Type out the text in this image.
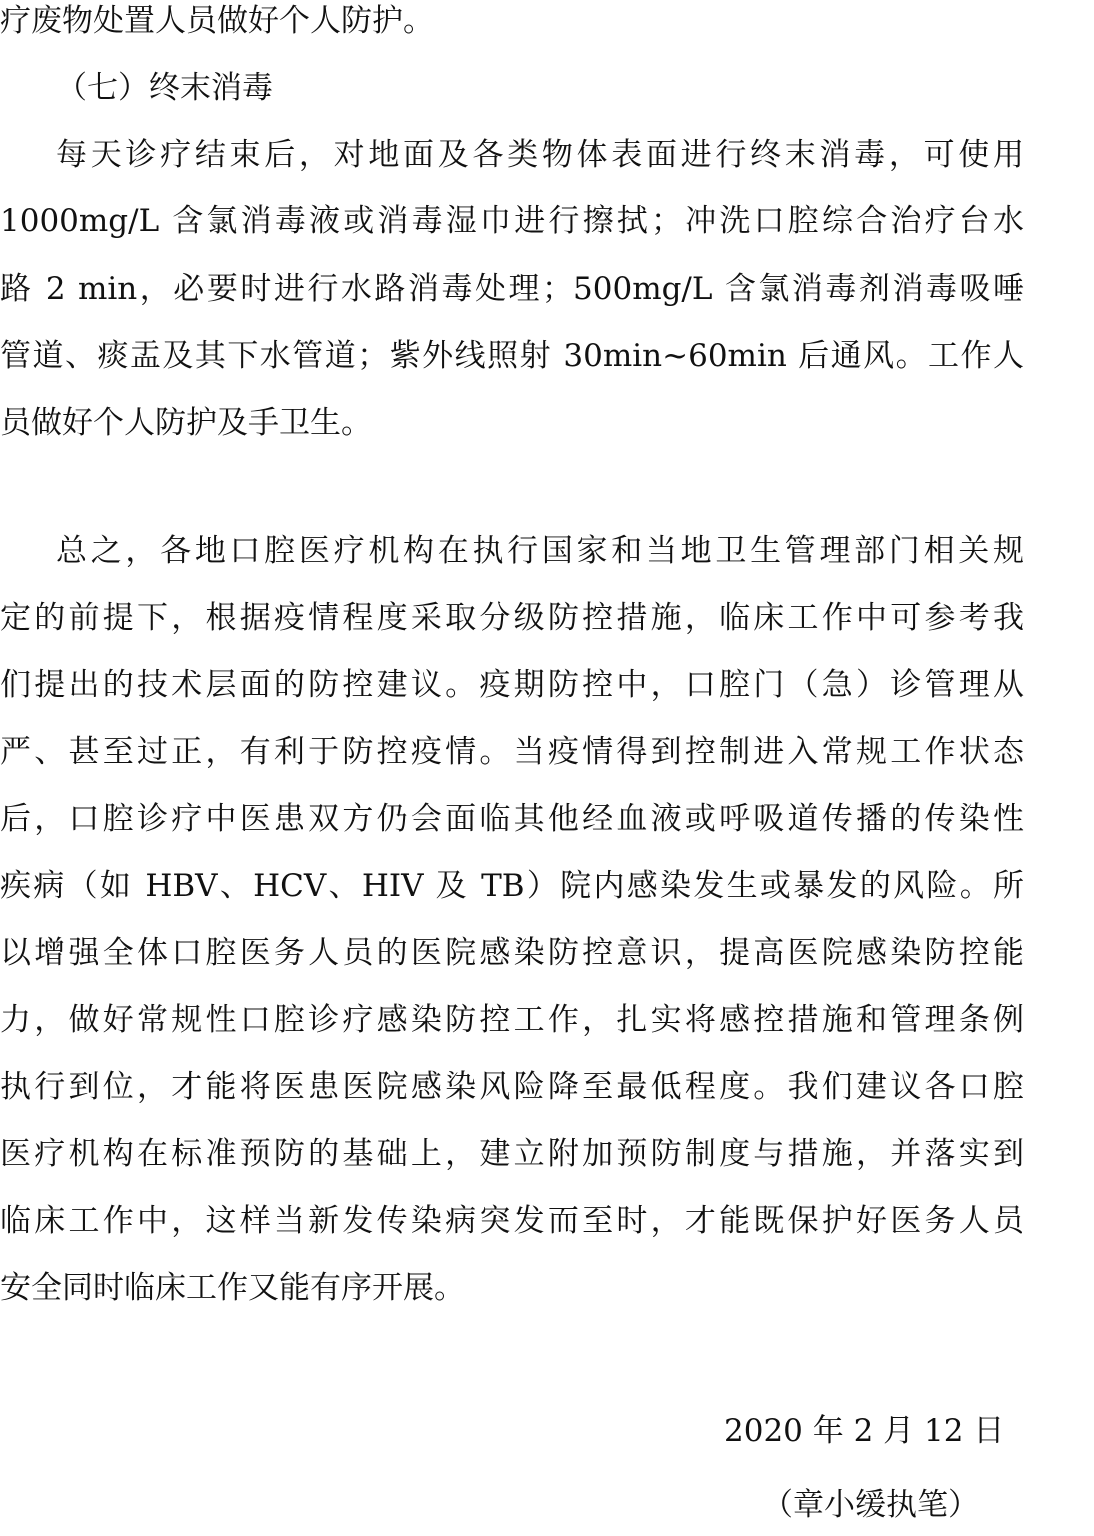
疗废物处置人员做好个人防护。

（七）终末消毒

每天诊疗结束后，对地面及各类物体表面进行终末消毒，可使用

1000mg/L 含氯消毒液或消毒湿巾进行擦拭；冲洗口腔综合治疗台水

路 2 min，必要时进行水路消毒处理；500mg/L 含氯消毒剂消毒吸唾

管道、痰盂及其下水管道；紫外线照射 30min~60min 后通风。工作人

员做好个人防护及手卫生。

总之，各地口腔医疗机构在执行国家和当地卫生管理部门相关规

定的前提下，根据疫情程度采取分级防控措施，临床工作中可参考我

们提出的技术层面的防控建议。疫期防控中，口腔门（急）诊管理从

严、甚至过正，有利于防控疫情。当疫情得到控制进入常规工作状态

后，口腔诊疗中医患双方仍会面临其他经血液或呼吸道传播的传染性

疾病（如 HBV、HCV、HIV 及 TB）院内感染发生或暴发的风险。所

以增强全体口腔医务人员的医院感染防控意识，提高医院感染防控能

力，做好常规性口腔诊疗感染防控工作，扎实将感控措施和管理条例

执行到位，才能将医患医院感染风险降至最低程度。我们建议各口腔

医疗机构在标准预防的基础上，建立附加预防制度与措施，并落实到

临床工作中，这样当新发传染病突发而至时，才能既保护好医务人员

安全同时临床工作又能有序开展。

2020 年 2 月 12 日
（章小缓执笔）
